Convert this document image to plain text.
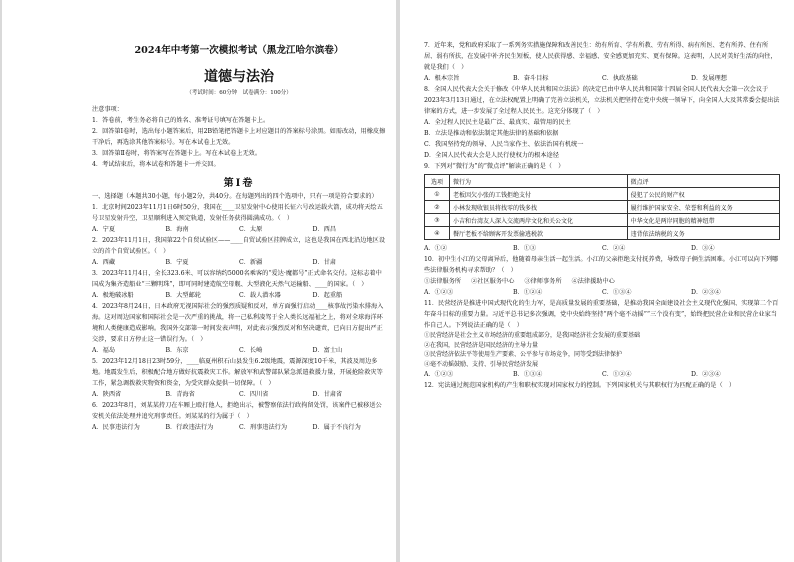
2024年中考第一次模拟考试（黑龙江哈尔滨卷）
道德与法治
（考试时间：60分钟　试卷满分：100分）
注意事项：
1．答卷前，考生务必将自己的姓名、准考证号填写在答题卡上。
2．回答第Ⅰ卷时，选出每小题答案后，用2B铅笔把答题卡上对应题目的答案标号涂黑。如需改动，用橡皮擦干净后，再选涂其他答案标号。写在本试卷上无效。
3．回答第Ⅱ卷时，将答案写在答题卡上。写在本试卷上无效。
4．考试结束后，将本试卷和答题卡一并交回。
第Ⅰ卷
一、选择题（本题共30小题，每小题2分，共40分。在每题列出的四个选项中，只有一项是符合要求的）
1．北京时间2023年11月1日6时50分，我国在____卫星发射中心使用长征六号改运载火箭，成功将天绘五号卫星发射升空，卫星顺利进入预定轨道，发射任务获得圆满成功。（　）
A．宁夏	B．海南	C．太原	D．西昌
2．2023年11月1日，我国第22个自贸试验区——____自贸试验区挂牌成立，这也是我国在西北沿边地区设立的首个自贸试验区。（　）
A．西藏	B．宁夏	C．新疆	D．甘肃
3．2023年11月4日，全长323.6米、可以容纳约5000名乘客的“爱达·魔都号”正式命名交付。这标志着中国成为集齐造船业“三颗明珠”，即可同时建造航空母舰、大型液化天然气运输船、____的国家。（　）
A．极地破冰船	B．大型邮轮	C．载人潜水器	D．起重船
4．2023年8月24日，日本政府无视国际社会的强烈质疑和反对，单方面强行启动____核事故污染水排海入海。这对周边国家和国际社会是一次严重的挑战，将一己私利凌驾于全人类长远福祉之上，将对全球海洋环境和人类健康造成影响。我国外交部第一时间发表声明，对此表示强烈反对和坚决谴责，已向日方提出严正交涉，要求日方停止这一错误行为。（　）
A．福岛	B．东京	C．长崎	D．富士山
5．2023年12月18日23时59分，____临夏州积石山县发生6.2级地震，震源深度10千米，其波及周边多地。地震发生后，积极配合地方做好抗震救灾工作。解放军和武警部队紧急派遣救援力量，开展抢险救灾等工作，紧急调拨救灾物资和资金，为受灾群众提供一切保障。（　）
A．陕西省	B．青海省	C．四川省	D．甘肃省
6．2023年8月，刘某某持刀在车厢上殴打他人，拒绝出示，被警察依法行政拘留处罚，该案件已被移送公安机关依法处理并追究刑事责任。刘某某的行为属于（　）
A．民事违法行为	B．行政违法行为	C．刑事违法行为	D．属于不良行为
7．近年来，党和政府采取了一系列务实措施保障和改善民生：幼有所育、学有所教、劳有所得、病有所医、老有所养、住有所居、弱有所扶，在发展中补齐民生短板，使人民获得感、幸福感、安全感更加充实、更有保障。这表明，人民对美好生活的向往，就是我们（　）
A．根本宗旨	B．奋斗目标	C．执政基础	D．发展理想
8．全国人民代表大会关于修改《中华人民共和国立法法》的决定已由中华人民共和国第十四届全国人民代表大会第一次会议于2023年3月13日通过，在立法权配置上明确了完善立法机关，立法机关把坚持在党中央统一领导下，向全国人大及其常委会提出法律案的方式，进一步发展了全过程人民民主。这充分体现了（　）
A．全过程人民民主是最广泛、最真实、最管用的民主
B．立法是推动和依法制定其他法律的基础和依据
C．我国坚持党的领导、人民当家作主、依法治国有机统一
D．全国人民代表大会是人民行使权力的根本途径
9．下列对“微行为”的“微点评”解读正确的是（　）
选项	微行为	微点评
①	老板因欠小张的工钱拒绝支付	侵犯了公民的财产权
②	小林发现收银员将找零的钱多找	履行维护国家安全、荣誉和利益的义务
③	小吉和台湾友人深入交流两岸文化和关公文化	中华文化是两岸同胞的精神纽带
④	餐厅老板不给顾客开发票偷逃税款	违背依法纳税的义务
A．①②	B．①③	C．②④	D．③④
10．初中生小江的父母离异后，他随着母亲生活一起生活。小江的父亲拒绝支付抚养费，导致母子俩生活困难。小江可以向下列哪些法律服务机构寻求帮助？（　）
①法律服务所 ②社区服务中心 ③律师事务所 ④法律援助中心
A．①②③	B．①②④	C．①③④	D．②③④
11．民营经济是推进中国式现代化的生力军，是高质量发展的重要基础，是推动我国全面建设社会主义现代化强国、实现第二个百年奋斗目标的重要力量。习近平总书记多次强调，党中央始终坚持“两个毫不动摇”“三个没有变”，始终把民营企业和民营企业家当作自己人。下列说法正确的是（　）
①民营经济是社会主义市场经济的重要组成部分，是我国经济社会发展的重要基础
②在我国，民营经济是国民经济的主导力量
③民营经济依法平等使用生产要素、公平参与市场竞争，同等受到法律保护
④毫不动摇鼓励、支持、引导民营经济发展
A．①②③	B．①③④	C．①②④	D．②③④
12．宪法通过规范国家机构的产生和职权实现对国家权力的控制。下列国家机关与其职权行为匹配正确的是（　）
